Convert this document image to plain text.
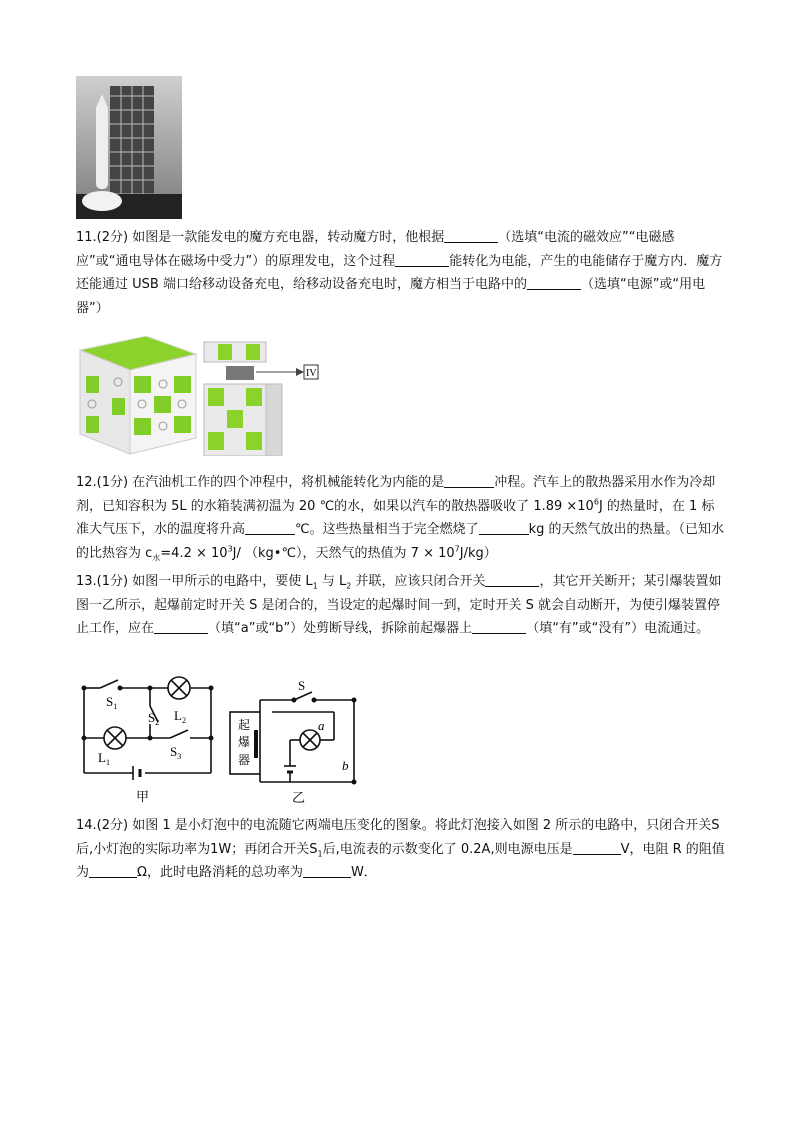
11.(2分) 如图是一款能发电的魔方充电器，转动魔方时，他根据	（选填“电流的磁效应”“电磁感应”或“通电导体在磁场中受力”）的原理发电，这个过程	能转化为电能，产生的电能储存于魔方内．魔方还能通过 USB 端口给移动设备充电，给移动设备充电时，魔方相当于电路中的	（选填“电源”或“用电器”）
IV
12.(1分) 在汽油机工作的四个冲程中，将机械能转化为内能的是	冲程。汽车上的散热器采用水作为冷却剂，已知容积为 5L 的水箱装满初温为 20 ℃的水，如果以汽车的散热器吸收了 $1.89 \times 10^6J$ 的热量时，在 1 标准大气压下，水的温度将升高	℃。这些热量相当于完全燃烧了	kg 的天然气放出的热量。（已知水的比热容为 $c_水=4.2 \times 10^3J/$ （kg•℃），天然气的热值为 $7 \times 10^7J/kg$）
13.(1分) 如图一甲所示的电路中，要使 $L_1$ 与 $L_2$ 并联，应该只闭合开关	，其它开关断开；某引爆装置如图一乙所示，起爆前定时开关 S 是闭合的，当设定的起爆时间一到，定时开关 S 就会自动断开，为使引爆装置停止工作，应在	（填“a”或“b”）处剪断导线，拆除前起爆器上	（填“有”或“没有”）电流通过。
$S_1$
$S_2$
$S_3$
$L_1$
$L_2$
甲
起 爆 器
S
a
b
乙
14.(2分) 如图 1 是小灯泡中的电流随它两端电压变化的图象。将此灯泡接入如图 2 所示的电路中，只闭合开关S后,小灯泡的实际功率为1W；再闭合开关$S_1$后,电流表的示数变化了 0.2A,则电源电压是	V，电阻 R 的阻值为	Ω，此时电路消耗的总功率为	W．
